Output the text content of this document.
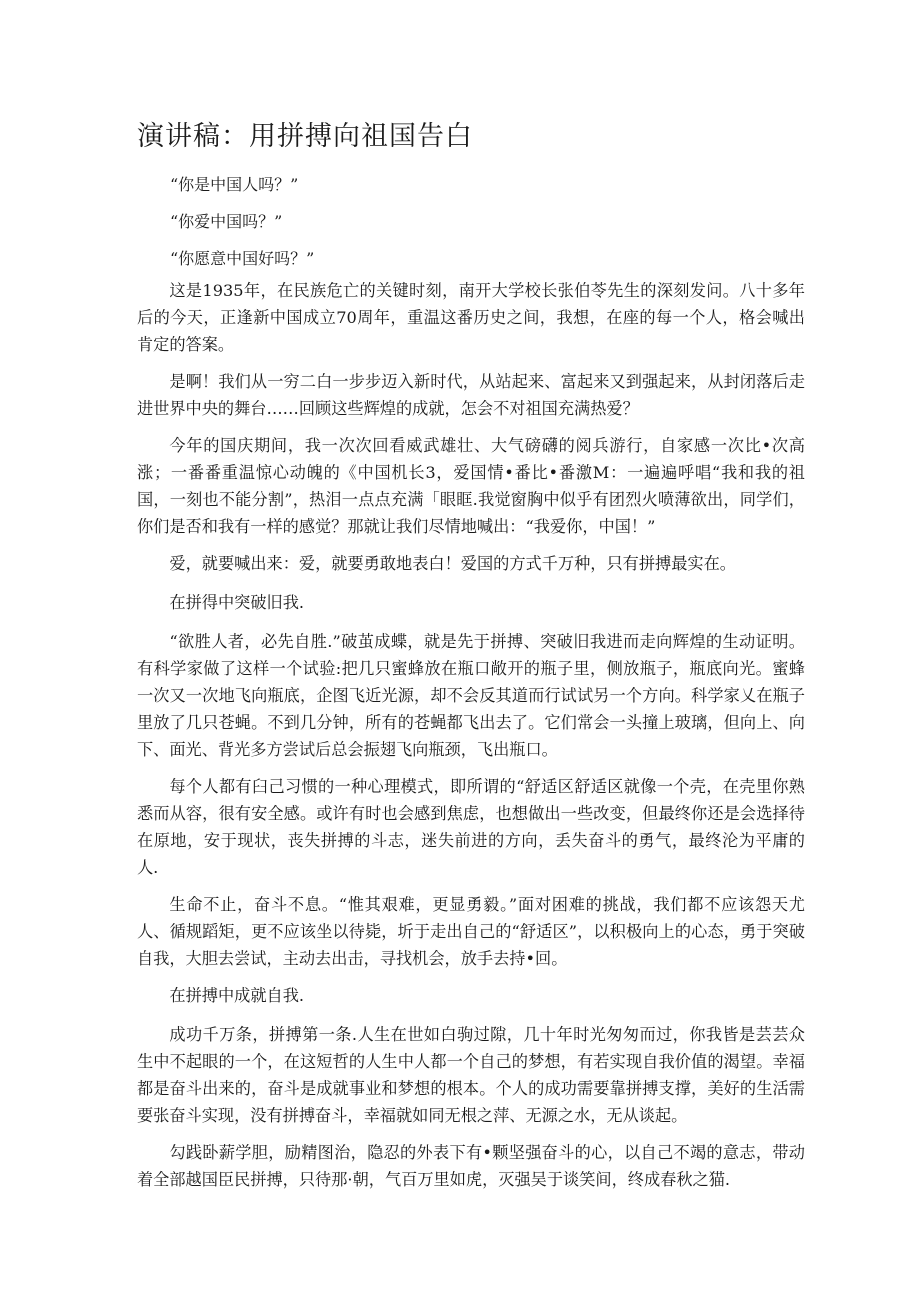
演讲稿：用拼搏向祖国告白
“你是中国人吗？”
“你爱中国吗？”
“你愿意中国好吗？”

这是1935年，在民族危亡的关键时刻，南开大学校长张伯苓先生的深刻发问。八十多年后的今天，正逢新中国成立70周年，重温这番历史之间，我想，在座的每一个人，格会喊出肯定的答案。

是啊！我们从一穷二白一步步迈入新时代，从站起来、富起来又到强起来，从封闭落后走进世界中央的舞台……回顾这些辉煌的成就，怎会不对祖国充满热爱？

今年的国庆期间，我一次次回看威武雄壮、大气磅礴的阅兵游行，自家感一次比•次高涨；一番番重温惊心动魄的《中国机长3，爱国情•番比•番激M：一遍遍呼唱“我和我的祖国，一刻也不能分割”，热泪一点点充满「眼眶.我觉窗胸中似乎有团烈火喷薄欲出，同学们，你们是否和我有一样的感觉？那就让我们尽情地喊出：“我爱你，中国！”

爱，就要喊出来：爱，就要勇敢地表白！爱国的方式千万种，只有拼搏最实在。

在拼得中突破旧我.

“欲胜人者，必先自胜.”破茧成蝶，就是先于拼搏、突破旧我进而走向辉煌的生动证明。有科学家做了这样一个试验:把几只蜜蜂放在瓶口敞开的瓶子里，侧放瓶子，瓶底向光。蜜蜂一次又一次地飞向瓶底，企图飞近光源，却不会反其道而行试试另一个方向。科学家乂在瓶子里放了几只苍蝇。不到几分钟，所有的苍蝇都飞出去了。它们常会一头撞上玻璃，但向上、向下、面光、背光多方尝试后总会振翅飞向瓶颈，飞出瓶口。

每个人都有臼己习惯的一种心理模式，即所谓的“舒适区舒适区就像一个壳，在壳里你熟悉而从容，很有安全感。或许有时也会感到焦虑，也想做出一些改变，但最终你还是会选择待在原地，安于现状，丧失拼搏的斗志，迷失前进的方向，丢失奋斗的勇气，最终沦为平庸的人.

生命不止，奋斗不息。“惟其艰难，更显勇毅。”面对困难的挑战，我们都不应该怨天尤人、循规蹈矩，更不应该坐以待毙，圻于走出自己的“舒适区”，以积极向上的心态，勇于突破自我，大胆去尝试，主动去出击，寻找机会，放手去持•回。

在拼搏中成就自我.

成功千万条，拼搏第一条.人生在世如白驹过隙，几十年时光匆匆而过，你我皆是芸芸众生中不起眼的一个，在这短哲的人生中人都一个自己的梦想，有若实现自我价值的渴望。幸福都是奋斗出来的，奋斗是成就事业和梦想的根本。个人的成功需要靠拼搏支撑，美好的生活需要张奋斗实现，没有拼搏奋斗，幸福就如同无根之萍、无源之水，无从谈起。

勾践卧薪学胆，励精图治，隐忍的外表下有•颗坚强奋斗的心，以自己不竭的意志，带动着全部越国臣民拼搏，只待那·朝，气百万里如虎，灭强吴于谈笑间，终成春秋之猫.
